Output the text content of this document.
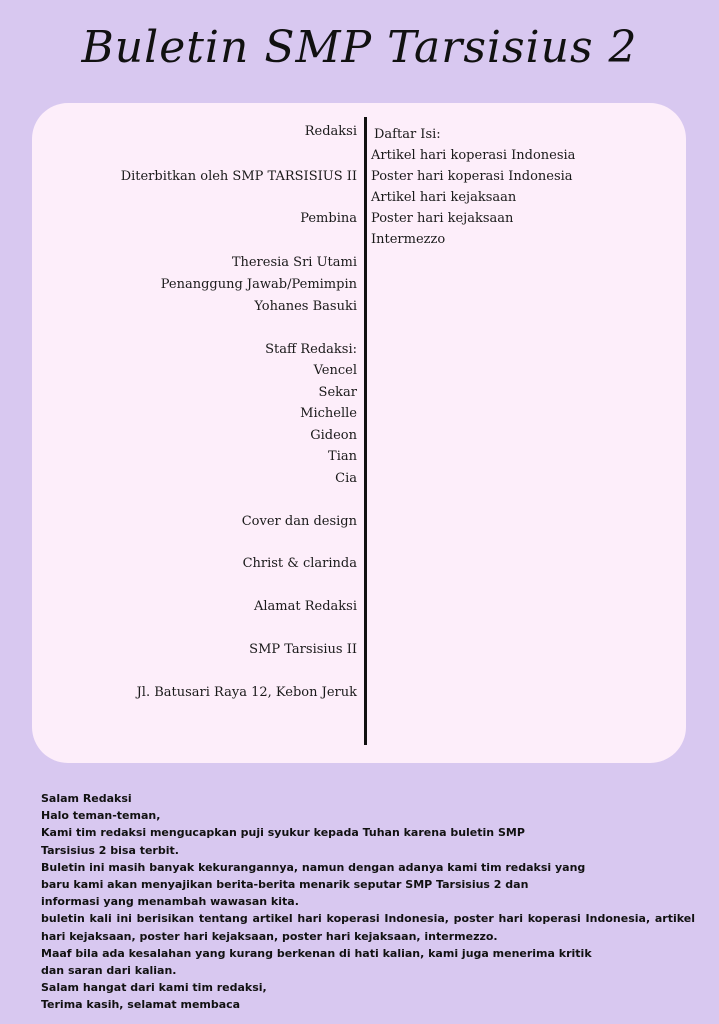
Buletin SMP Tarsisius 2
Redaksi
Diterbitkan oleh SMP TARSISIUS II
Pembina
Theresia Sri Utami
Penanggung Jawab/Pemimpin
Yohanes Basuki
Staff Redaksi:
Vencel
Sekar
Michelle
Gideon
Tian
Cia
Cover dan design
Christ & clarinda
Alamat Redaksi
SMP Tarsisius II
Jl. Batusari Raya 12, Kebon Jeruk
Daftar Isi:
Artikel hari koperasi Indonesia
Poster hari koperasi Indonesia
Artikel hari kejaksaan
Poster hari kejaksaan
Intermezzo
Salam Redaksi
Halo teman-teman,
Kami tim redaksi mengucapkan puji syukur kepada Tuhan karena buletin SMP
Tarsisius 2 bisa terbit.
Buletin ini masih banyak kekurangannya, namun dengan adanya kami tim redaksi yang
baru kami akan menyajikan berita-berita menarik seputar SMP Tarsisius 2 dan
informasi yang menambah wawasan kita.
buletin kali ini berisikan tentang artikel hari koperasi Indonesia, poster hari koperasi Indonesia, artikel hari kejaksaan, poster hari kejaksaan, poster hari kejaksaan, intermezzo.
Maaf bila ada kesalahan yang kurang berkenan di hati kalian, kami juga menerima kritik
dan saran dari kalian.
Salam hangat dari kami tim redaksi,
Terima kasih, selamat membaca
